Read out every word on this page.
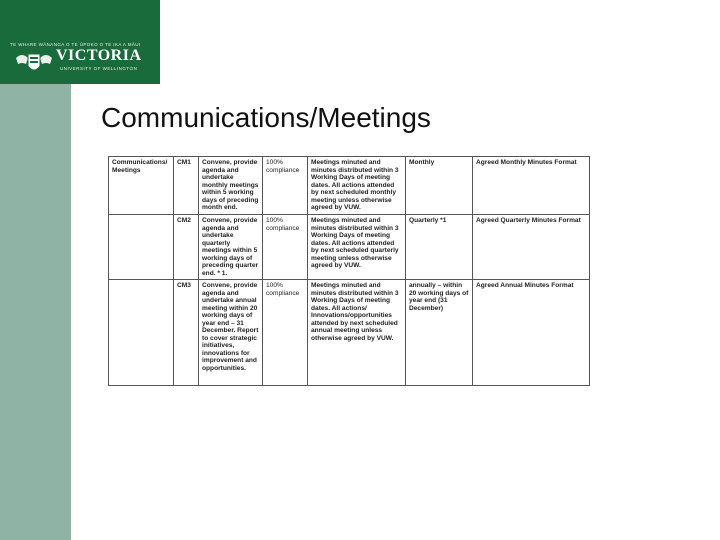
TE WHARE WĀNANGA O TE ŪPOKO O TE IKA A MĀUI
VICTORIA
UNIVERSITY OF WELLINGTON
Communications/Meetings
Communications/ Meetings	CM1	Convene, provide agenda and undertake monthly meetings within 5 working days of preceding month end.	100% compliance	Meetings minuted and minutes distributed within 3 Working Days of meeting dates. All actions attended by next scheduled monthly meeting unless otherwise agreed by VUW.	Monthly	Agreed Monthly Minutes Format
	CM2	Convene, provide agenda and undertake quarterly meetings within 5 working days of preceding quarter end. * 1.	100% compliance	Meetings minuted and minutes distributed within 3 Working Days of meeting dates. All actions attended by next scheduled quarterly meeting unless otherwise agreed by VUW.	Quarterly *1	Agreed Quarterly Minutes Format
	CM3	Convene, provide agenda and undertake annual meeting within 20 working days of year end – 31 December. Report to cover strategic initiatives, innovations for improvement and opportunities.	100% compliance	Meetings minuted and minutes distributed within 3 Working Days of meeting dates. All actions/ Innovations/opportunities attended by next scheduled annual meeting unless otherwise agreed by VUW.	annually – within 20 working days of year end (31 December)	Agreed Annual Minutes Format
